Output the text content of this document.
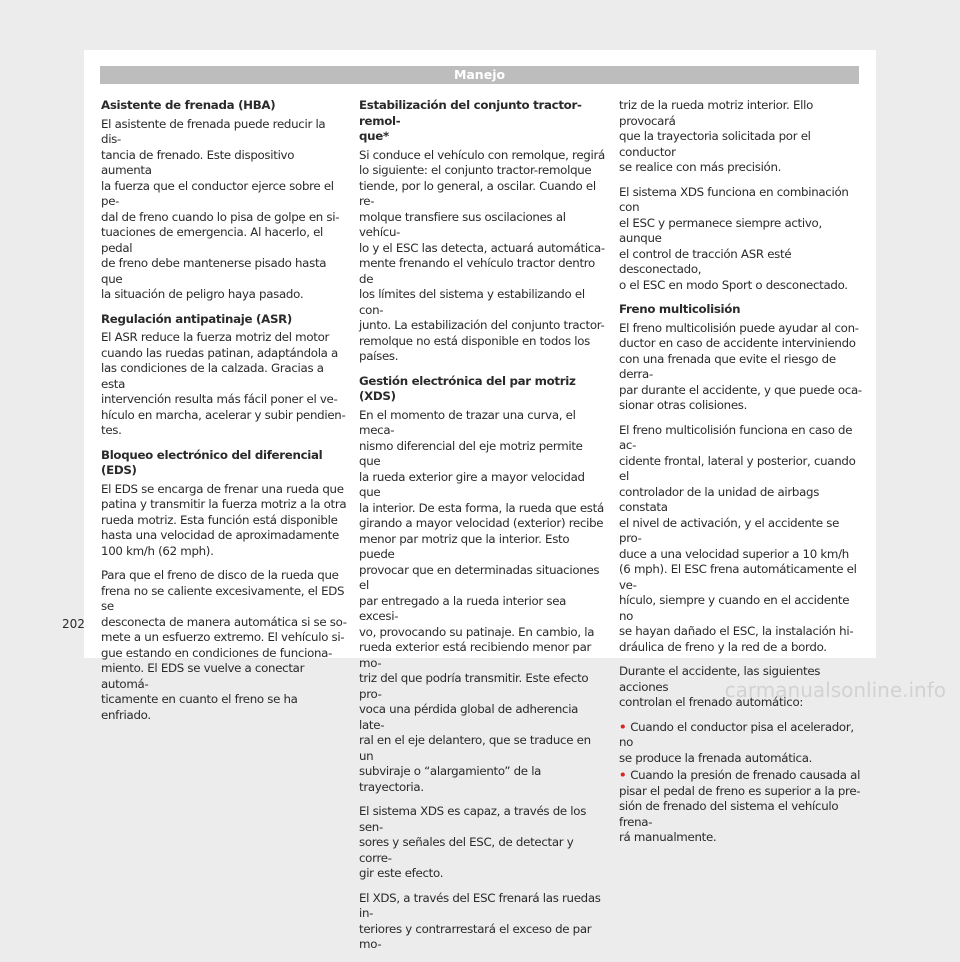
Manejo
Asistente de frenada (HBA)
El asistente de frenada puede reducir la dis-
tancia de frenado. Este dispositivo aumenta
la fuerza que el conductor ejerce sobre el pe-
dal de freno cuando lo pisa de golpe en si-
tuaciones de emergencia. Al hacerlo, el pedal
de freno debe mantenerse pisado hasta que
la situación de peligro haya pasado.
Regulación antipatinaje (ASR)
El ASR reduce la fuerza motriz del motor
cuando las ruedas patinan, adaptándola a
las condiciones de la calzada. Gracias a esta
intervención resulta más fácil poner el ve-
hículo en marcha, acelerar y subir pendien-
tes.
Bloqueo electrónico del diferencial (EDS)
El EDS se encarga de frenar una rueda que
patina y transmitir la fuerza motriz a la otra
rueda motriz. Esta función está disponible
hasta una velocidad de aproximadamente
100 km/h (62 mph).
Para que el freno de disco de la rueda que
frena no se caliente excesivamente, el EDS se
desconecta de manera automática si se so-
mete a un esfuerzo extremo. El vehículo si-
gue estando en condiciones de funciona-
miento. El EDS se vuelve a conectar automá-
ticamente en cuanto el freno se ha enfriado.
Estabilización del conjunto tractor-remol-
que*
Si conduce el vehículo con remolque, regirá
lo siguiente: el conjunto tractor-remolque
tiende, por lo general, a oscilar. Cuando el re-
molque transfiere sus oscilaciones al vehícu-
lo y el ESC las detecta, actuará automática-
mente frenando el vehículo tractor dentro de
los límites del sistema y estabilizando el con-
junto. La estabilización del conjunto tractor-
remolque no está disponible en todos los
países.
Gestión electrónica del par motriz (XDS)
En el momento de trazar una curva, el meca-
nismo diferencial del eje motriz permite que
la rueda exterior gire a mayor velocidad que
la interior. De esta forma, la rueda que está
girando a mayor velocidad (exterior) recibe
menor par motriz que la interior. Esto puede
provocar que en determinadas situaciones el
par entregado a la rueda interior sea excesi-
vo, provocando su patinaje. En cambio, la
rueda exterior está recibiendo menor par mo-
triz del que podría transmitir. Este efecto pro-
voca una pérdida global de adherencia late-
ral en el eje delantero, que se traduce en un
subviraje o “alargamiento” de la trayectoria.
El sistema XDS es capaz, a través de los sen-
sores y señales del ESC, de detectar y corre-
gir este efecto.
El XDS, a través del ESC frenará las ruedas in-
teriores y contrarrestará el exceso de par mo-
triz de la rueda motriz interior. Ello provocará
que la trayectoria solicitada por el conductor
se realice con más precisión.
El sistema XDS funciona en combinación con
el ESC y permanece siempre activo, aunque
el control de tracción ASR esté desconectado,
o el ESC en modo Sport o desconectado.
Freno multicolisión
El freno multicolisión puede ayudar al con-
ductor en caso de accidente interviniendo
con una frenada que evite el riesgo de derra-
par durante el accidente, y que puede oca-
sionar otras colisiones.
El freno multicolisión funciona en caso de ac-
cidente frontal, lateral y posterior, cuando el
controlador de la unidad de airbags constata
el nivel de activación, y el accidente se pro-
duce a una velocidad superior a 10 km/h
(6 mph). El ESC frena automáticamente el ve-
hículo, siempre y cuando en el accidente no
se hayan dañado el ESC, la instalación hi-
dráulica de freno y la red de a bordo.
Durante el accidente, las siguientes acciones
controlan el frenado automático:
• Cuando el conductor pisa el acelerador, no
se produce la frenada automática.
• Cuando la presión de frenado causada al
pisar el pedal de freno es superior a la pre-
sión de frenado del sistema el vehículo frena-
rá manualmente.
202
carmanualsonline.info
